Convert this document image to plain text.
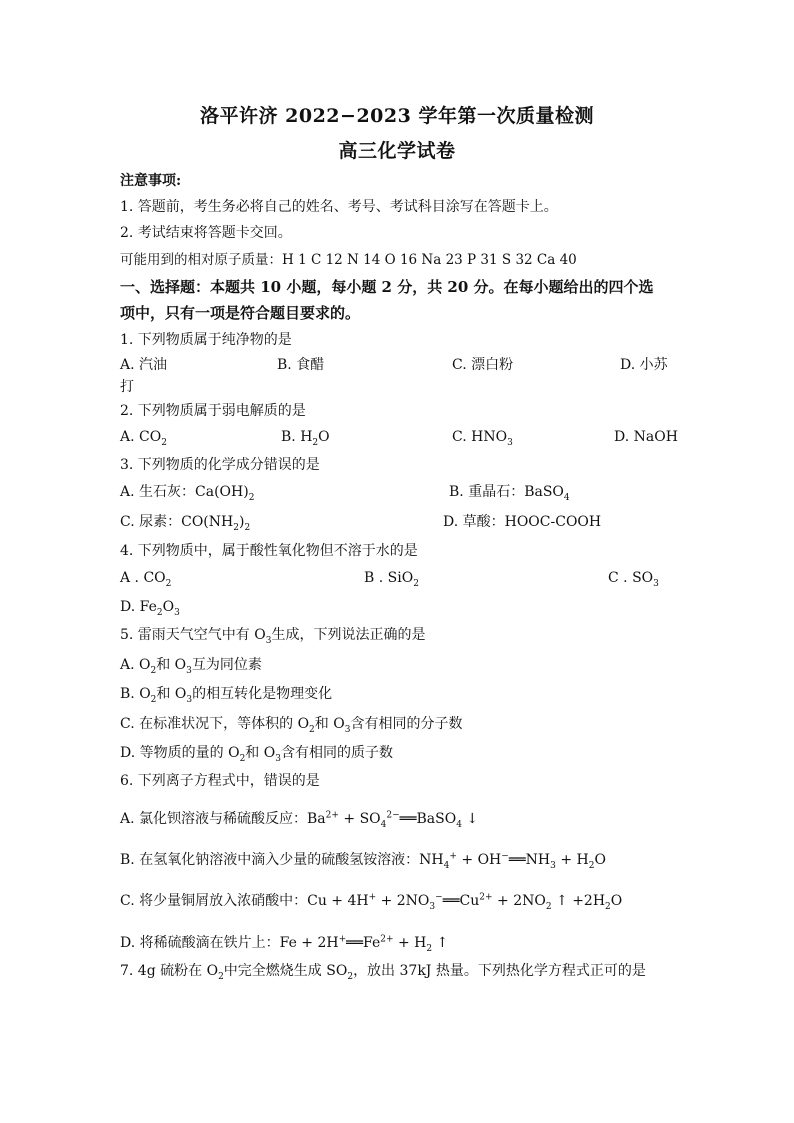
洛平许济 2022−2023 学年第一次质量检测
高三化学试卷
注意事项:
1. 答题前，考生务必将自己的姓名、考号、考试科目涂写在答题卡上。
2. 考试结束将答题卡交回。
可能用到的相对原子质量：H 1 C 12 N 14 O 16 Na 23 P 31 S 32 Ca 40
一、选择题：本题共 10 小题，每小题 2 分，共 20 分。在每小题给出的四个选
项中，只有一项是符合题目要求的。
1. 下列物质属于纯净物的是
A. 汽油	B. 食醋	C. 漂白粉	D. 小苏
打
2. 下列物质属于弱电解质的是
A. $CO_2$	B. $H_2O$	C. $HNO_3$	D. NaOH
3. 下列物质的化学成分错误的是
A. 生石灰：$Ca(OH)_2$	B. 重晶石：BaSO$_4$
C. 尿素：$CO(NH_2)_2$	D. 草酸：HOOC-COOH
4. 下列物质中，属于酸性氧化物但不溶于水的是
A . $CO_2$	B . SiO$_2$	C . $SO_3$
D. $Fe_2O_3$
5. 雷雨天气空气中有 $O_3$生成，下列说法正确的是
A. $O_2$和 $O_3$互为同位素
B. $O_2$和 $O_3$的相互转化是物理变化
C. 在标准状况下，等体积的 $O_2$和 $O_3$含有相同的分子数
D. 等物质的量的 $O_2$和 $O_3$含有相同的质子数
6. 下列离子方程式中，错误的是
A. 氯化钡溶液与稀硫酸反应：$Ba^{2+}$ + $SO_4^{2-}══BaSO_4$ ↓
B. 在氢氧化钠溶液中滴入少量的硫酸氢铵溶液：$NH_4^+$ + $OH^-══NH_3 + H_2O$
C. 将少量铜屑放入浓硝酸中：$Cu + 4H^+ + 2NO_3^-══Cu^{2+} + 2NO_2$ ↑ $+2H_2O$
D. 将稀硫酸滴在铁片上：$Fe + 2H^+══Fe^{2+} + H_2$ ↑
7. 4g 硫粉在 $O_2$中完全燃烧生成 $SO_2$，放出 37kJ 热量。下列热化学方程式正可的是
